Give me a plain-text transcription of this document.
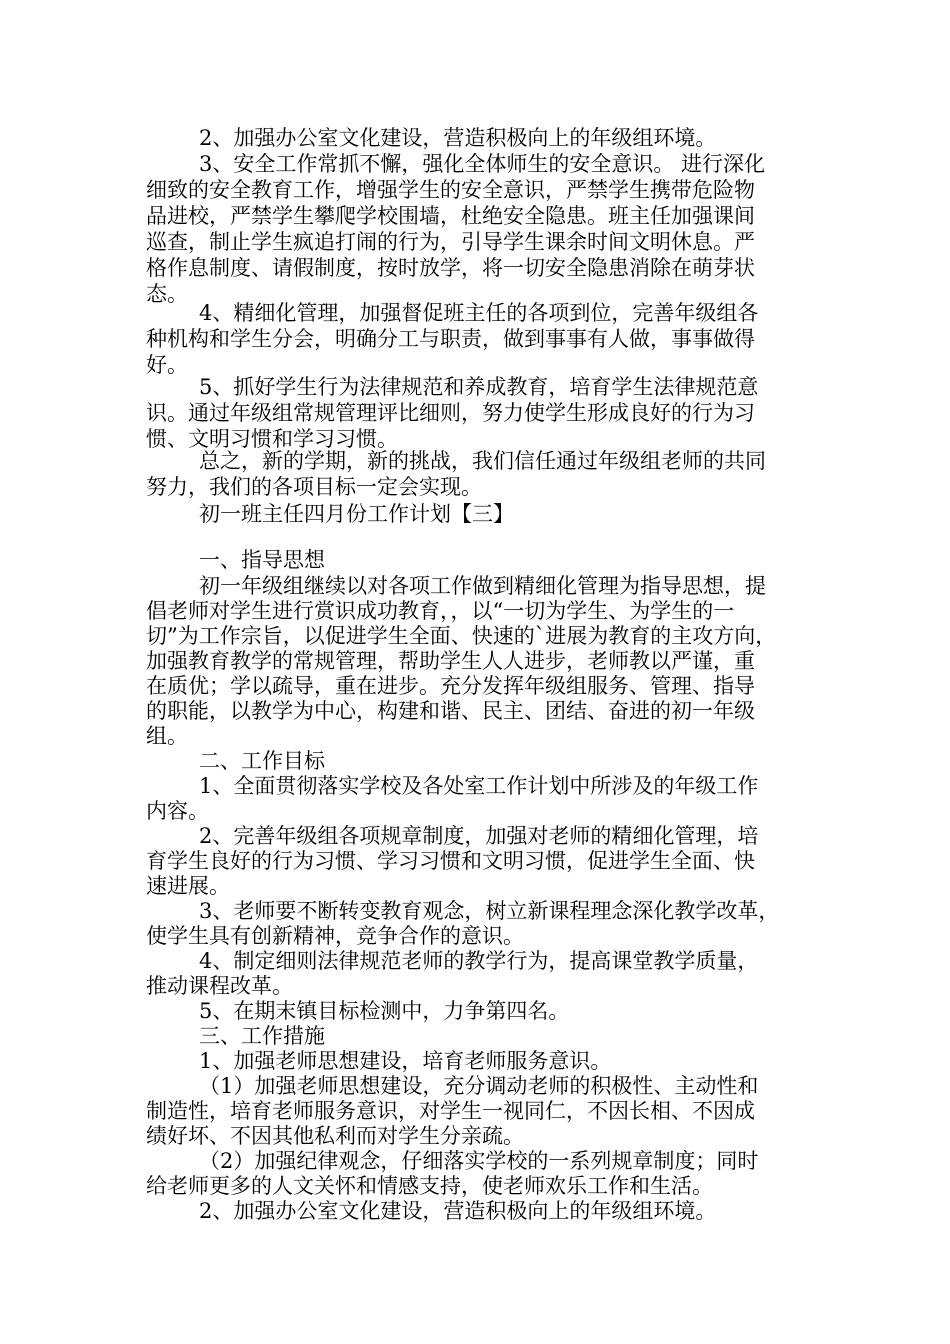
2、加强办公室文化建设，营造积极向上的年级组环境。
3、安全工作常抓不懈，强化全体师生的安全意识。 进行深化
细致的安全教育工作，增强学生的安全意识，严禁学生携带危险物
品进校，严禁学生攀爬学校围墙，杜绝安全隐患。班主任加强课间
巡查，制止学生疯追打闹的行为，引导学生课余时间文明休息。严
格作息制度、请假制度，按时放学，将一切安全隐患消除在萌芽状
态。
4、精细化管理，加强督促班主任的各项到位，完善年级组各
种机构和学生分会，明确分工与职责，做到事事有人做，事事做得
好。
5、抓好学生行为法律规范和养成教育，培育学生法律规范意
识。通过年级组常规管理评比细则，努力使学生形成良好的行为习
惯、文明习惯和学习习惯。
总之，新的学期，新的挑战，我们信任通过年级组老师的共同
努力，我们的各项目标一定会实现。
初一班主任四月份工作计划【三】
一、指导思想
初一年级组继续以对各项工作做到精细化管理为指导思想，提
倡老师对学生进行赏识成功教育，，以“一切为学生、为学生的一
切”为工作宗旨，以促进学生全面、快速的`进展为教育的主攻方向，
加强教育教学的常规管理，帮助学生人人进步，老师教以严谨，重
在质优；学以疏导，重在进步。充分发挥年级组服务、管理、指导
的职能，以教学为中心，构建和谐、民主、团结、奋进的初一年级
组。
二、工作目标
1、全面贯彻落实学校及各处室工作计划中所涉及的年级工作
内容。
2、完善年级组各项规章制度，加强对老师的精细化管理，培
育学生良好的行为习惯、学习习惯和文明习惯，促进学生全面、快
速进展。
3、老师要不断转变教育观念，树立新课程理念深化教学改革，
使学生具有创新精神，竞争合作的意识。
4、制定细则法律规范老师的教学行为，提高课堂教学质量，
推动课程改革。
5、在期末镇目标检测中，力争第四名。
三、工作措施
1、加强老师思想建设，培育老师服务意识。
（1）加强老师思想建设，充分调动老师的积极性、主动性和
制造性，培育老师服务意识，对学生一视同仁，不因长相、不因成
绩好坏、不因其他私利而对学生分亲疏。
（2）加强纪律观念，仔细落实学校的一系列规章制度；同时
给老师更多的人文关怀和情感支持，使老师欢乐工作和生活。
2、加强办公室文化建设，营造积极向上的年级组环境。
